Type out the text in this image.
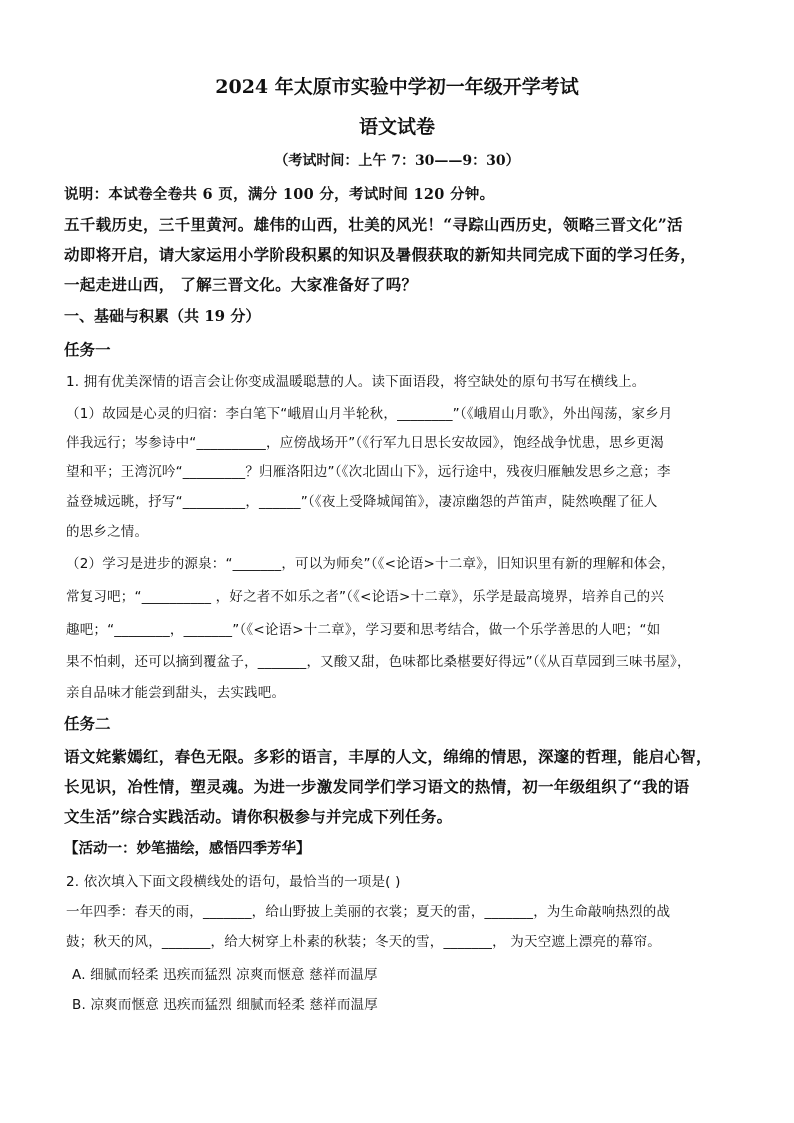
2024 年太原市实验中学初一年级开学考试
语文试卷
（考试时间：上午 7：30——9：30）
说明：本试卷全卷共 6 页，满分 100 分，考试时间 120 分钟。
五千载历史，三千里黄河。雄伟的山西，壮美的风光！“寻踪山西历史，领略三晋文化”活
动即将开启，请大家运用小学阶段积累的知识及暑假获取的新知共同完成下面的学习任务，
一起走进山西， 了解三晋文化。大家准备好了吗？
一、基础与积累（共 19 分）
任务一
1. 拥有优美深情的语言会让你变成温暖聪慧的人。读下面语段，将空缺处的原句书写在横线上。
（1）故园是心灵的归宿：李白笔下“峨眉山月半轮秋，________”（《峨眉山月歌》，外出闯荡，家乡月
伴我远行；岑参诗中“__________，应傍战场开”（《行军九日思长安故园》，饱经战争忧患，思乡更渴
望和平；王湾沉吟“_________？归雁洛阳边”（《次北固山下》，远行途中，残夜归雁触发思乡之意；李
益登城远眺，抒写“_________，______”（《夜上受降城闻笛》，凄凉幽怨的芦笛声，陡然唤醒了征人
的思乡之情。
（2）学习是进步的源泉：“_______，可以为师矣”（《<论语>十二章》，旧知识里有新的理解和体会，
常复习吧；“__________ ，好之者不如乐之者”（《<论语>十二章》，乐学是最高境界，培养自己的兴
趣吧；“________，_______”（《<论语>十二章》，学习要和思考结合，做一个乐学善思的人吧；“如
果不怕刺，还可以摘到覆盆子，_______，又酸又甜，色味都比桑椹要好得远”（《从百草园到三味书屋》，
亲自品味才能尝到甜头，去实践吧。
任务二
语文姹紫嫣红，春色无限。多彩的语言，丰厚的人文，绵绵的情思，深邃的哲理，能启心智，
长见识，冶性情，塑灵魂。为进一步激发同学们学习语文的热情，初一年级组织了“我的语
文生活”综合实践活动。请你积极参与并完成下列任务。
【活动一：妙笔描绘，感悟四季芳华】
2. 依次填入下面文段横线处的语句，最恰当的一项是( )
一年四季：春天的雨，_______，给山野披上美丽的衣裳；夏天的雷，_______，为生命敲响热烈的战
鼓；秋天的风，_______，给大树穿上朴素的秋装；冬天的雪，_______， 为天空遮上漂亮的幕帘。
A. 细腻而轻柔 迅疾而猛烈 凉爽而惬意 慈祥而温厚
B. 凉爽而惬意 迅疾而猛烈 细腻而轻柔 慈祥而温厚
